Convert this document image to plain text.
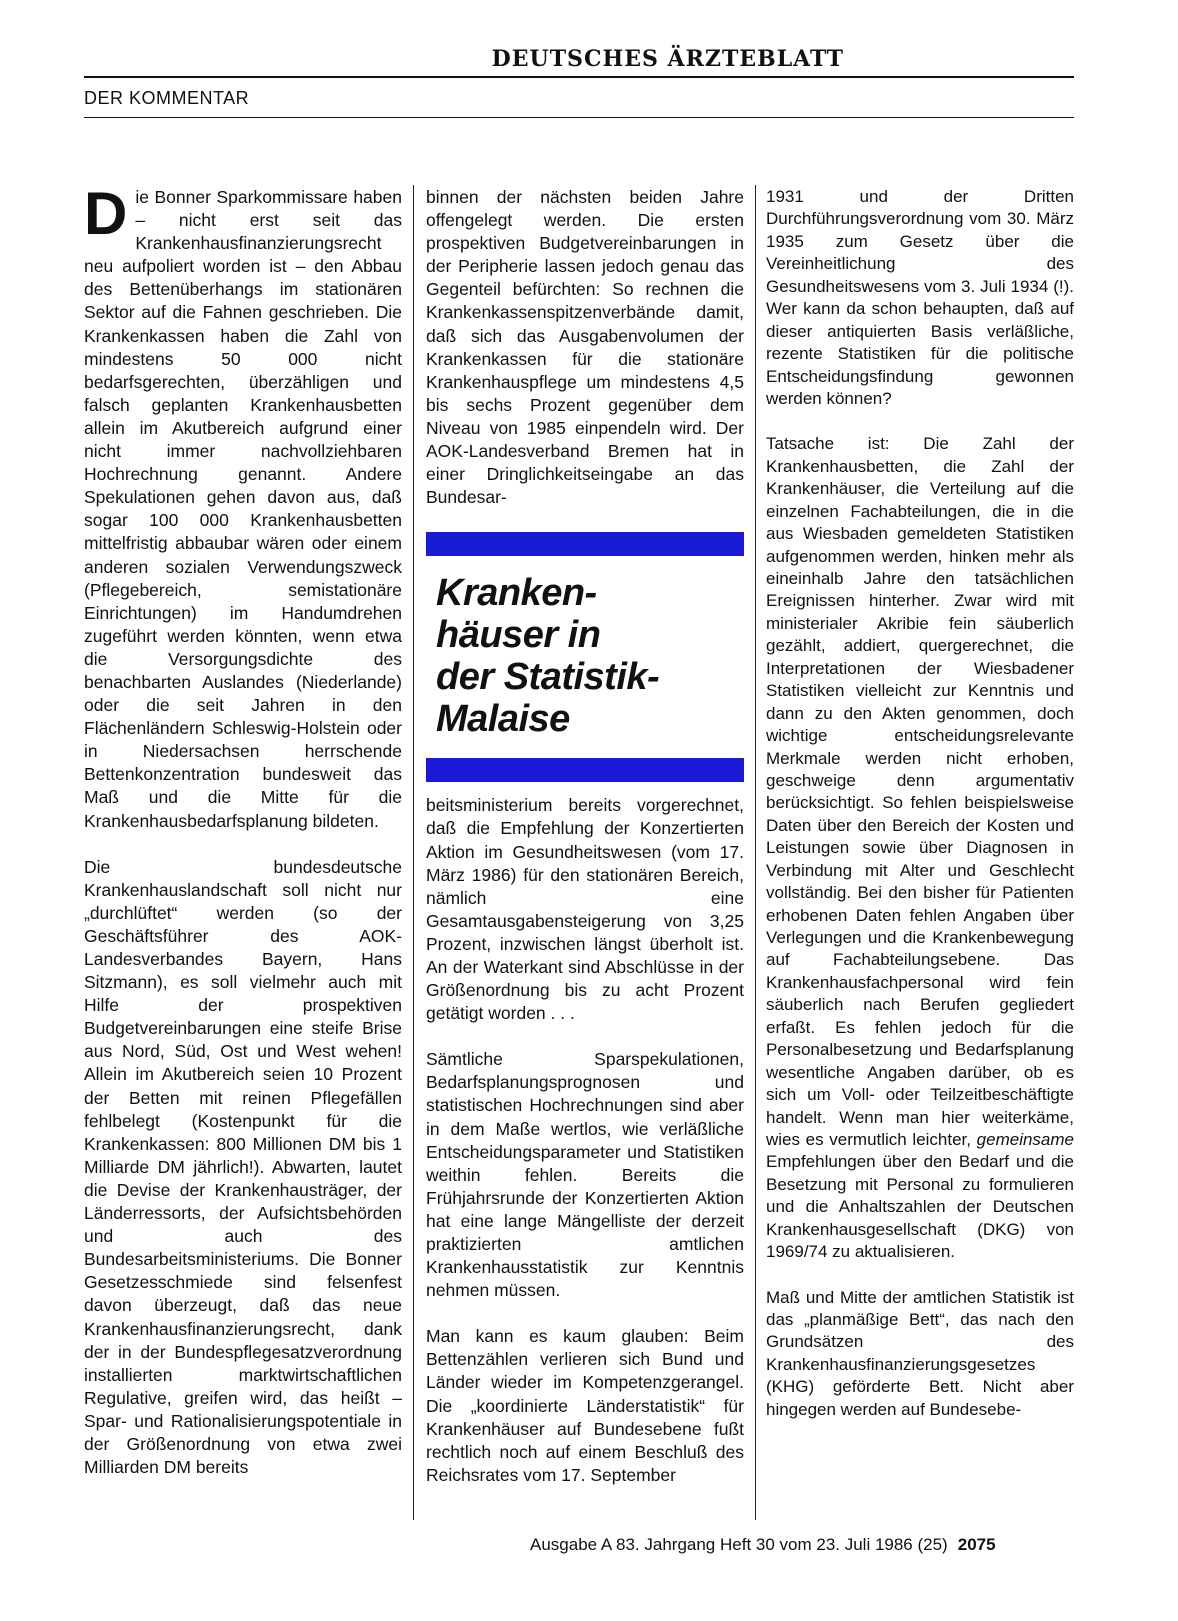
DEUTSCHES ÄRZTEBLATT
DER KOMMENTAR

Die Bonner Sparkommissare haben – nicht erst seit das Krankenhausfinanzierungsrecht neu aufpoliert worden ist – den Abbau des Bettenüberhangs im stationären Sektor auf die Fahnen geschrieben. Die Krankenkassen haben die Zahl von mindestens 50 000 nicht bedarfsgerechten, überzähligen und falsch geplanten Krankenhausbetten allein im Akutbereich aufgrund einer nicht immer nachvollziehbaren Hochrechnung genannt. Andere Spekulationen gehen davon aus, daß sogar 100 000 Krankenhausbetten mittelfristig abbaubar wären oder einem anderen sozialen Verwendungszweck (Pflegebereich, semistationäre Einrichtungen) im Handumdrehen zugeführt werden könnten, wenn etwa die Versorgungsdichte des benachbarten Auslandes (Niederlande) oder die seit Jahren in den Flächenländern Schleswig-Holstein oder in Niedersachsen herrschende Bettenkonzentration bundesweit das Maß und die Mitte für die Krankenhausbedarfsplanung bildeten.

Die bundesdeutsche Krankenhauslandschaft soll nicht nur „durchlüftet“ werden (so der Geschäftsführer des AOK-Landesverbandes Bayern, Hans Sitzmann), es soll vielmehr auch mit Hilfe der prospektiven Budgetvereinbarungen eine steife Brise aus Nord, Süd, Ost und West wehen! Allein im Akutbereich seien 10 Prozent der Betten mit reinen Pflegefällen fehlbelegt (Kostenpunkt für die Krankenkassen: 800 Millionen DM bis 1 Milliarde DM jährlich!). Abwarten, lautet die Devise der Krankenhausträger, der Länderressorts, der Aufsichtsbehörden und auch des Bundesarbeitsministeriums. Die Bonner Gesetzesschmiede sind felsenfest davon überzeugt, daß das neue Krankenhausfinanzierungsrecht, dank der in der Bundespflegesatzverordnung installierten marktwirtschaftlichen Regulative, greifen wird, das heißt – Spar- und Rationalisierungspotentiale in der Größenordnung von etwa zwei Milliarden DM bereits

binnen der nächsten beiden Jahre offengelegt werden. Die ersten prospektiven Budgetvereinbarungen in der Peripherie lassen jedoch genau das Gegenteil befürchten: So rechnen die Krankenkassenspitzenverbände damit, daß sich das Ausgabenvolumen der Krankenkassen für die stationäre Krankenhauspflege um mindestens 4,5 bis sechs Prozent gegenüber dem Niveau von 1985 einpendeln wird. Der AOK-Landesverband Bremen hat in einer Dringlichkeitseingabe an das Bundesar-

Kranken-
häuser in
der Statistik-
Malaise

beitsministerium bereits vorgerechnet, daß die Empfehlung der Konzertierten Aktion im Gesundheitswesen (vom 17. März 1986) für den stationären Bereich, nämlich eine Gesamtausgabensteigerung von 3,25 Prozent, inzwischen längst überholt ist. An der Waterkant sind Abschlüsse in der Größenordnung bis zu acht Prozent getätigt worden . . .

Sämtliche Sparspekulationen, Bedarfsplanungsprognosen und statistischen Hochrechnungen sind aber in dem Maße wertlos, wie verläßliche Entscheidungsparameter und Statistiken weithin fehlen. Bereits die Frühjahrsrunde der Konzertierten Aktion hat eine lange Mängelliste der derzeit praktizierten amtlichen Krankenhausstatistik zur Kenntnis nehmen müssen.

Man kann es kaum glauben: Beim Bettenzählen verlieren sich Bund und Länder wieder im Kompetenzgerangel. Die „koordinierte Länderstatistik“ für Krankenhäuser auf Bundesebene fußt rechtlich noch auf einem Beschluß des Reichsrates vom 17. September

1931 und der Dritten Durchführungsverordnung vom 30. März 1935 zum Gesetz über die Vereinheitlichung des Gesundheitswesens vom 3. Juli 1934 (!). Wer kann da schon behaupten, daß auf dieser antiquierten Basis verläßliche, rezente Statistiken für die politische Entscheidungsfindung gewonnen werden können?

Tatsache ist: Die Zahl der Krankenhausbetten, die Zahl der Krankenhäuser, die Verteilung auf die einzelnen Fachabteilungen, die in die aus Wiesbaden gemeldeten Statistiken aufgenommen werden, hinken mehr als eineinhalb Jahre den tatsächlichen Ereignissen hinterher. Zwar wird mit ministerialer Akribie fein säuberlich gezählt, addiert, quergerechnet, die Interpretationen der Wiesbadener Statistiken vielleicht zur Kenntnis und dann zu den Akten genommen, doch wichtige entscheidungsrelevante Merkmale werden nicht erhoben, geschweige denn argumentativ berücksichtigt. So fehlen beispielsweise Daten über den Bereich der Kosten und Leistungen sowie über Diagnosen in Verbindung mit Alter und Geschlecht vollständig. Bei den bisher für Patienten erhobenen Daten fehlen Angaben über Verlegungen und die Krankenbewegung auf Fachabteilungsebene. Das Krankenhausfachpersonal wird fein säuberlich nach Berufen gegliedert erfaßt. Es fehlen jedoch für die Personalbesetzung und Bedarfsplanung wesentliche Angaben darüber, ob es sich um Voll- oder Teilzeitbeschäftigte handelt. Wenn man hier weiterkäme, wies es vermutlich leichter, gemeinsame Empfehlungen über den Bedarf und die Besetzung mit Personal zu formulieren und die Anhaltszahlen der Deutschen Krankenhausgesellschaft (DKG) von 1969/74 zu aktualisieren.

Maß und Mitte der amtlichen Statistik ist das „planmäßige Bett“, das nach den Grundsätzen des Krankenhausfinanzierungsgesetzes (KHG) geförderte Bett. Nicht aber hingegen werden auf Bundesebe-

Ausgabe A 83. Jahrgang Heft 30 vom 23. Juli 1986 (25) 2075
